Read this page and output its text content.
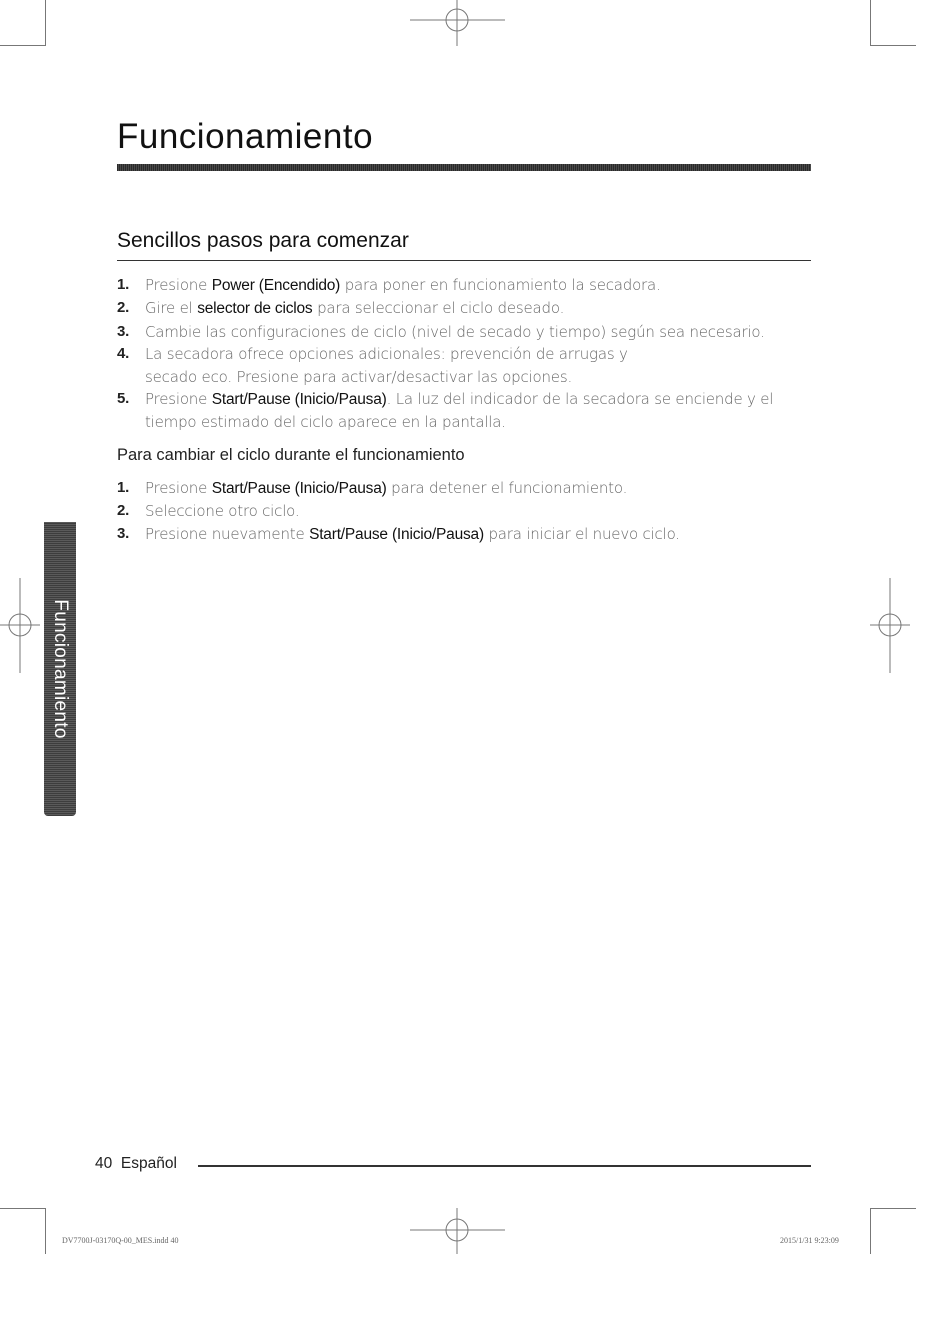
Funcionamiento
Sencillos pasos para comenzar
1. Presione Power (Encendido) para poner en funcionamiento la secadora.
2. Gire el selector de ciclos para seleccionar el ciclo deseado.
3. Cambie las configuraciones de ciclo (nivel de secado y tiempo) según sea necesario.
4. La secadora ofrece opciones adicionales: prevención de arrugas y secado eco. Presione para activar/desactivar las opciones.
5. Presione Start/Pause (Inicio/Pausa). La luz del indicador de la secadora se enciende y el tiempo estimado del ciclo aparece en la pantalla.
Para cambiar el ciclo durante el funcionamiento
1. Presione Start/Pause (Inicio/Pausa) para detener el funcionamiento.
2. Seleccione otro ciclo.
3. Presione nuevamente Start/Pause (Inicio/Pausa) para iniciar el nuevo ciclo.
Funcionamiento
40 Español
DV7700J-03170Q-00_MES.indd 40	2015/1/31 9:23:09
